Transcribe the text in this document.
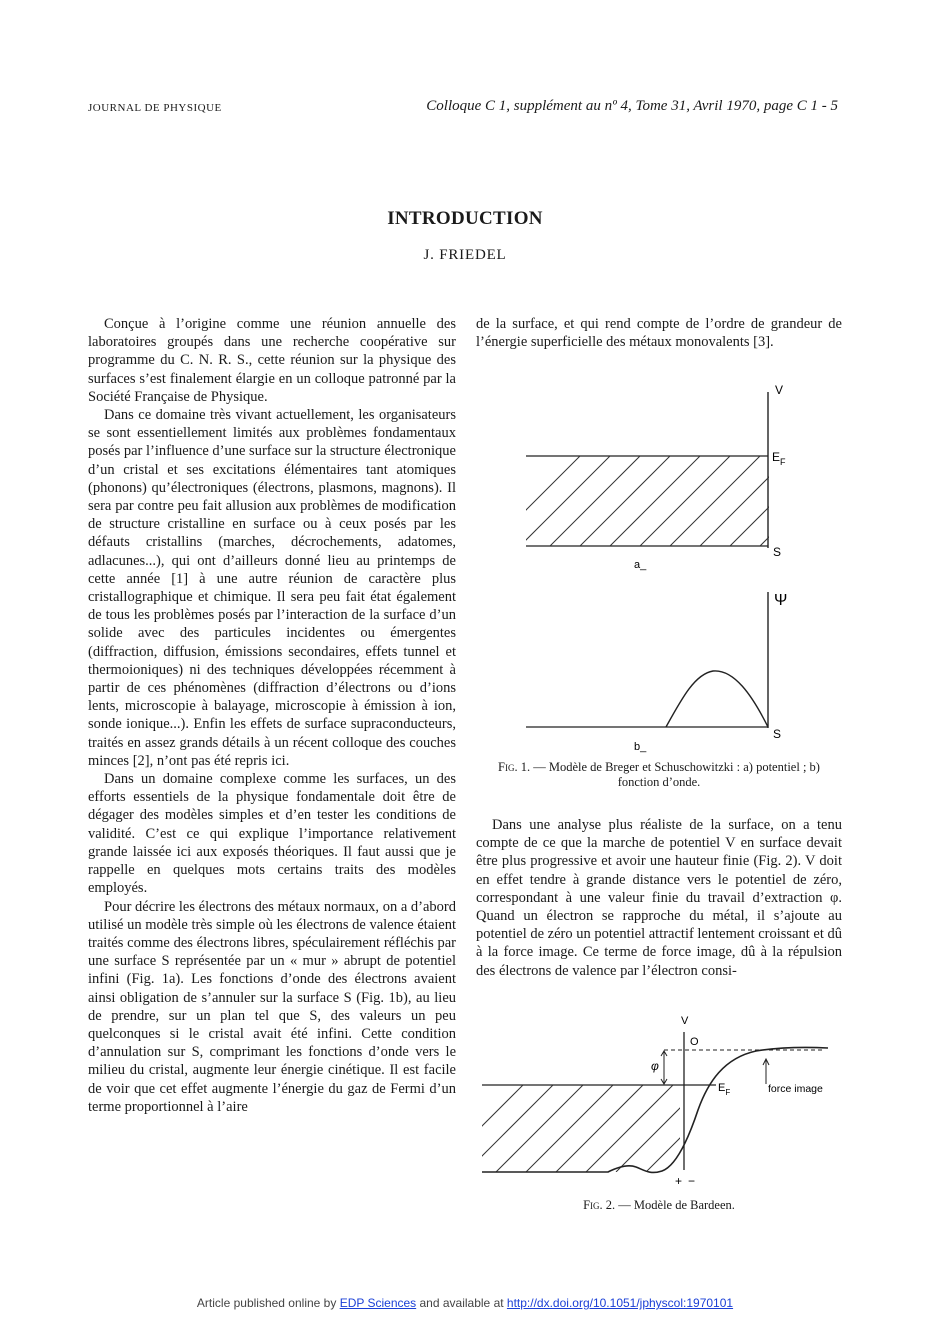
JOURNAL DE PHYSIQUE	Colloque C 1, supplément au nº 4, Tome 31, Avril 1970, page C 1 - 5
INTRODUCTION
J. FRIEDEL

Conçue à l’origine comme une réunion annuelle des laboratoires groupés dans une recherche coopérative sur programme du C. N. R. S., cette réunion sur la physique des surfaces s’est finalement élargie en un colloque patronné par la Société Française de Physique.

Dans ce domaine très vivant actuellement, les organisateurs se sont essentiellement limités aux problèmes fondamentaux posés par l’influence d’une surface sur la structure électronique d’un cristal et ses excitations élémentaires tant atomiques (phonons) qu’électroniques (électrons, plasmons, magnons). Il sera par contre peu fait allusion aux problèmes de modification de structure cristalline en surface ou à ceux posés par les défauts cristallins (marches, décrochements, adatomes, adlacunes...), qui ont d’ailleurs donné lieu au printemps de cette année [1] à une autre réunion de caractère plus cristallographique et chimique. Il sera peu fait état également de tous les problèmes posés par l’interaction de la surface d’un solide avec des particules incidentes ou émergentes (diffraction, diffusion, émissions secondaires, effets tunnel et thermoioniques) ni des techniques développées récemment à partir de ces phénomènes (diffraction d’électrons ou d’ions lents, microscopie à balayage, microscopie à émission à ion, sonde ionique...). Enfin les effets de surface supraconducteurs, traités en assez grands détails à un récent colloque des couches minces [2], n’ont pas été repris ici.

Dans un domaine complexe comme les surfaces, un des efforts essentiels de la physique fondamentale doit être de dégager des modèles simples et d’en tester les conditions de validité. C’est ce qui explique l’importance relativement grande laissée ici aux exposés théoriques. Il faut aussi que je rappelle en quelques mots certains traits des modèles employés.

Pour décrire les électrons des métaux normaux, on a d’abord utilisé un modèle très simple où les électrons de valence étaient traités comme des électrons libres, spéculairement réfléchis par une surface S représentée par un « mur » abrupt de potentiel infini (Fig. 1a). Les fonctions d’onde des électrons avaient ainsi obligation de s’annuler sur la surface S (Fig. 1b), au lieu de prendre, sur un plan tel que S, des valeurs un peu quelconques si le cristal avait été infini. Cette condition d’annulation sur S, comprimant les fonctions d’onde vers le milieu du cristal, augmente leur énergie cinétique. Il est facile de voir que cet effet augmente l’énergie du gaz de Fermi d’un terme proportionnel à l’aire

de la surface, et qui rend compte de l’ordre de grandeur de l’énergie superficielle des métaux monovalents [3].

V
$E_F$
S
a_
Ψ
S
b_
Fig. 1. — Modèle de Breger et Schuschowitzki : a) potentiel ; b) fonction d’onde.

Dans une analyse plus réaliste de la surface, on a tenu compte de ce que la marche de potentiel V en surface devait être plus progressive et avoir une hauteur finie (Fig. 2). V doit en effet tendre à grande distance vers le potentiel de zéro, correspondant à une valeur finie du travail d’extraction φ. Quand un électron se rapproche du métal, il s’ajoute au potentiel de zéro un potentiel attractif lentement croissant et dû à la force image. Ce terme de force image, dû à la répulsion des électrons de valence par l’électron consi-

V
O
φ
$E_F$	force image
+ −
Fig. 2. — Modèle de Bardeen.
Article published online by EDP Sciences and available at http://dx.doi.org/10.1051/jphyscol:1970101
